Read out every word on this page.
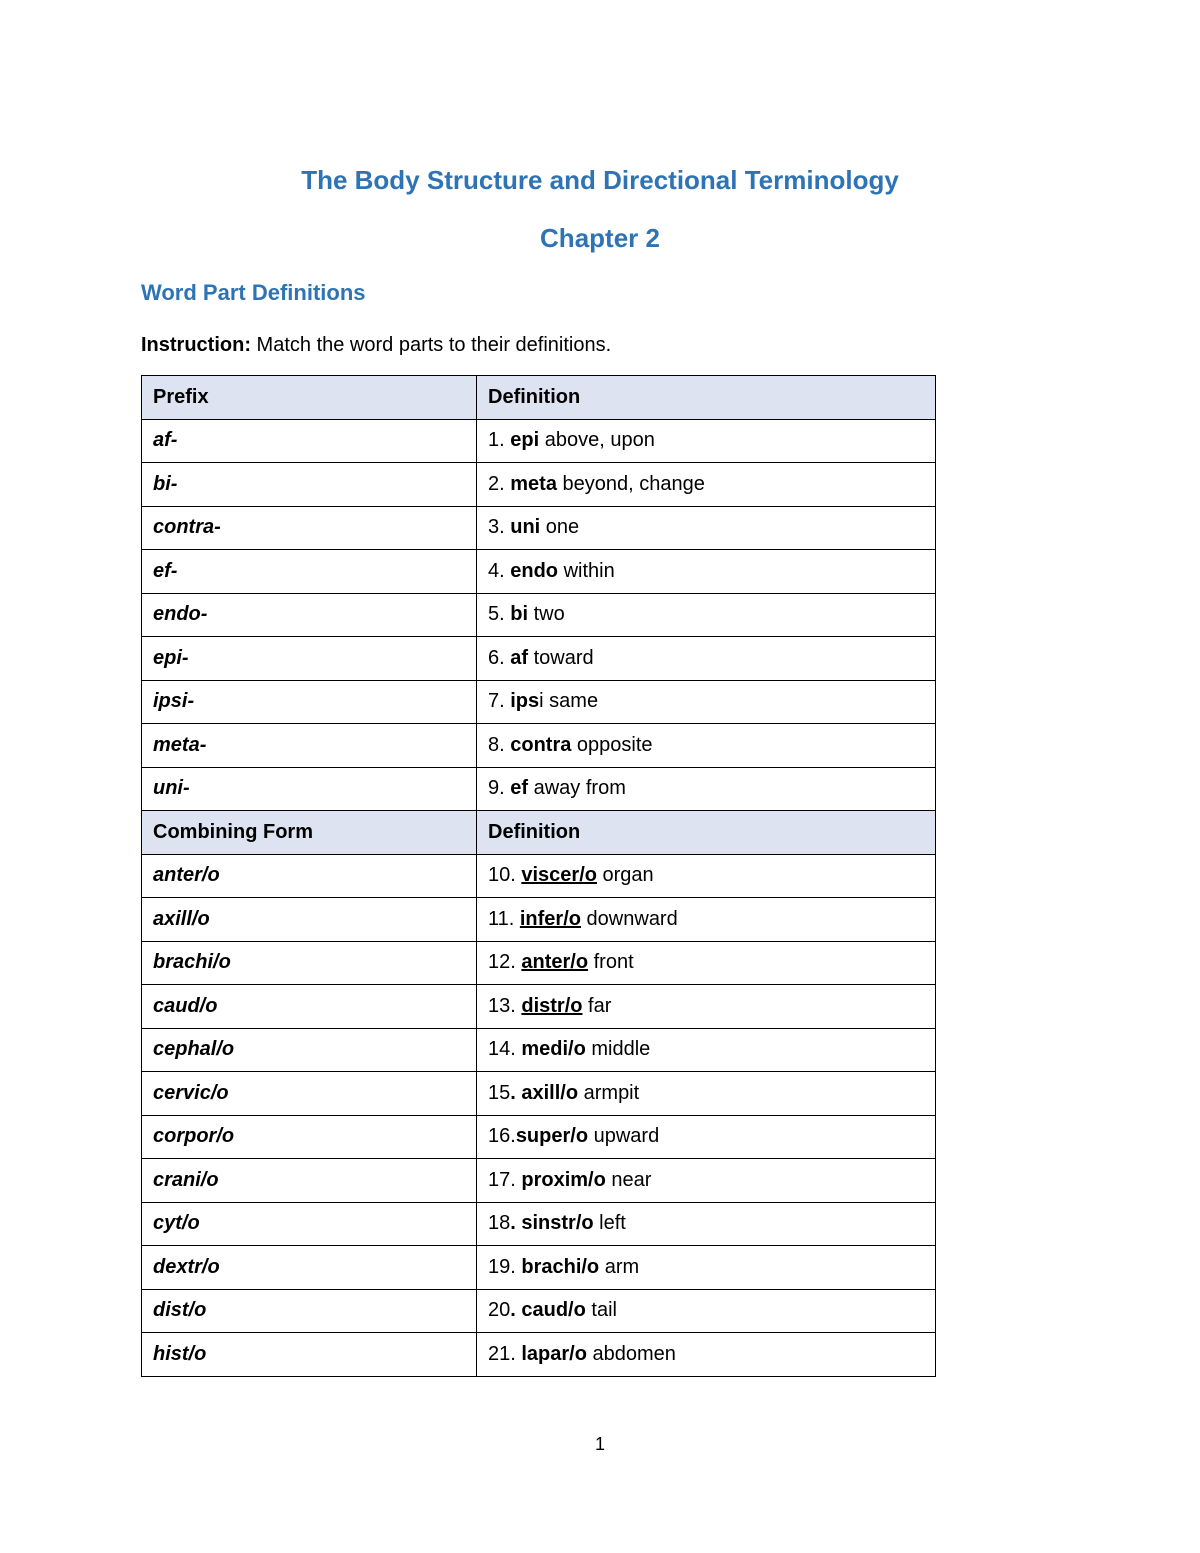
The Body Structure and Directional Terminology
Chapter 2
Word Part Definitions
Instruction: Match the word parts to their definitions.
Prefix	Definition
af-	1. epi above, upon
bi-	2. meta beyond, change
contra-	3. uni one
ef-	4. endo within
endo-	5. bi two
epi-	6. af toward
ipsi-	7. ipsi same
meta-	8. contra opposite
uni-	9. ef away from
Combining Form	Definition
anter/o	10. viscer/o organ
axill/o	11. infer/o downward
brachi/o	12. anter/o front
caud/o	13. distr/o far
cephal/o	14. medi/o middle
cervic/o	15. axill/o armpit
corpor/o	16.super/o upward
crani/o	17. proxim/o near
cyt/o	18. sinstr/o left
dextr/o	19. brachi/o arm
dist/o	20. caud/o tail
hist/o	21. lapar/o abdomen
1
